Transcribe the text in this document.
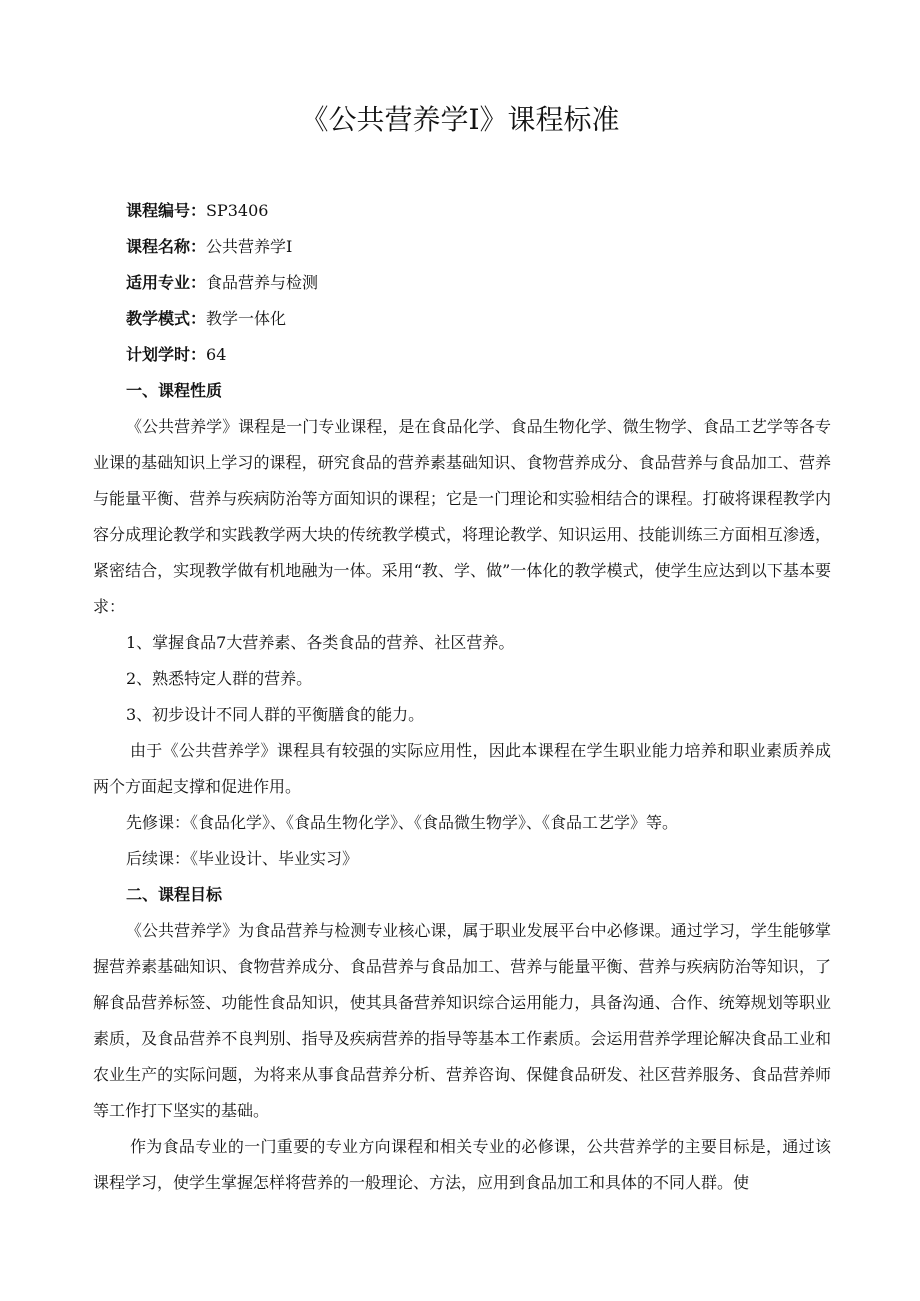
《公共营养学Ⅰ》课程标准
课程编号：SP3406
课程名称：公共营养学Ⅰ
适用专业：食品营养与检测
教学模式：教学一体化
计划学时：64
一、课程性质

《公共营养学》课程是一门专业课程，是在食品化学、食品生物化学、微生物学、食品工艺学等各专业课的基础知识上学习的课程，研究食品的营养素基础知识、食物营养成分、食品营养与食品加工、营养与能量平衡、营养与疾病防治等方面知识的课程；它是一门理论和实验相结合的课程。打破将课程教学内容分成理论教学和实践教学两大块的传统教学模式，将理论教学、知识运用、技能训练三方面相互渗透，紧密结合，实现教学做有机地融为一体。采用“教、学、做”一体化的教学模式，使学生应达到以下基本要求：

1、掌握食品7大营养素、各类食品的营养、社区营养。
2、熟悉特定人群的营养。
3、初步设计不同人群的平衡膳食的能力。

由于《公共营养学》课程具有较强的实际应用性，因此本课程在学生职业能力培养和职业素质养成两个方面起支撑和促进作用。

先修课：《食品化学》、《食品生物化学》、《食品微生物学》、《食品工艺学》等。
后续课：《毕业设计、毕业实习》
二、课程目标

《公共营养学》为食品营养与检测专业核心课，属于职业发展平台中必修课。通过学习，学生能够掌握营养素基础知识、食物营养成分、食品营养与食品加工、营养与能量平衡、营养与疾病防治等知识，了解食品营养标签、功能性食品知识，使其具备营养知识综合运用能力，具备沟通、合作、统筹规划等职业素质，及食品营养不良判别、指导及疾病营养的指导等基本工作素质。会运用营养学理论解决食品工业和农业生产的实际问题，为将来从事食品营养分析、营养咨询、保健食品研发、社区营养服务、食品营养师等工作打下坚实的基础。

作为食品专业的一门重要的专业方向课程和相关专业的必修课，公共营养学的主要目标是，通过该课程学习，使学生掌握怎样将营养的一般理论、方法，应用到食品加工和具体的不同人群。使
